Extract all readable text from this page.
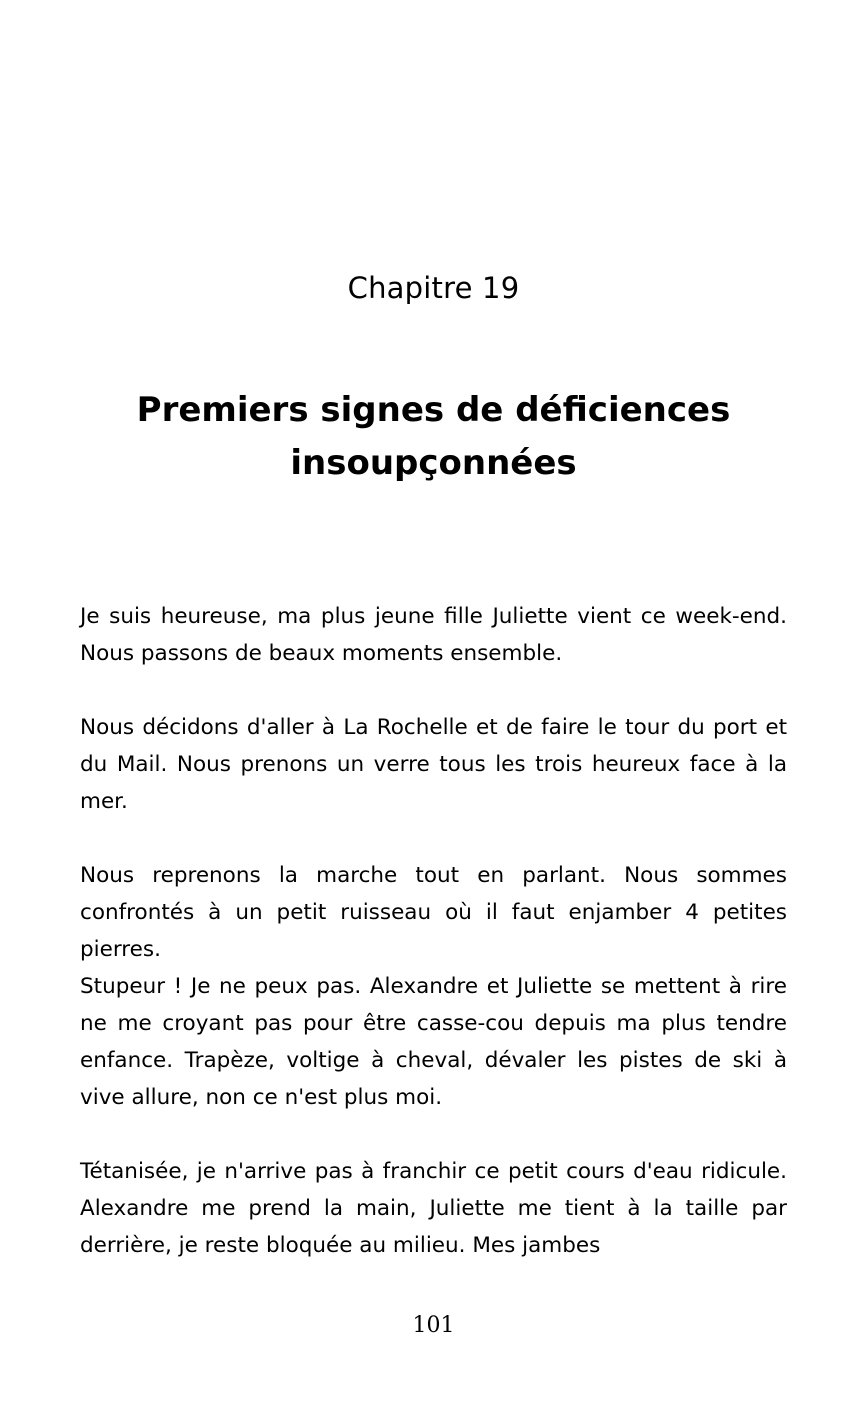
Chapitre 19
Premiers signes de déficiences
insoupçonnées

Je suis heureuse, ma plus jeune fille Juliette vient ce week-end. Nous passons de beaux moments ensemble.

Nous décidons d'aller à La Rochelle et de faire le tour du port et du Mail. Nous prenons un verre tous les trois heureux face à la mer.

Nous reprenons la marche tout en parlant. Nous sommes confrontés à un petit ruisseau où il faut enjamber 4 petites pierres.

Stupeur ! Je ne peux pas. Alexandre et Juliette se mettent à rire ne me croyant pas pour être casse-cou depuis ma plus tendre enfance. Trapèze, voltige à cheval, dévaler les pistes de ski à vive allure, non ce n'est plus moi.

Tétanisée, je n'arrive pas à franchir ce petit cours d'eau ridicule. Alexandre me prend la main, Juliette me tient à la taille par derrière, je reste bloquée au milieu. Mes jambes

101
